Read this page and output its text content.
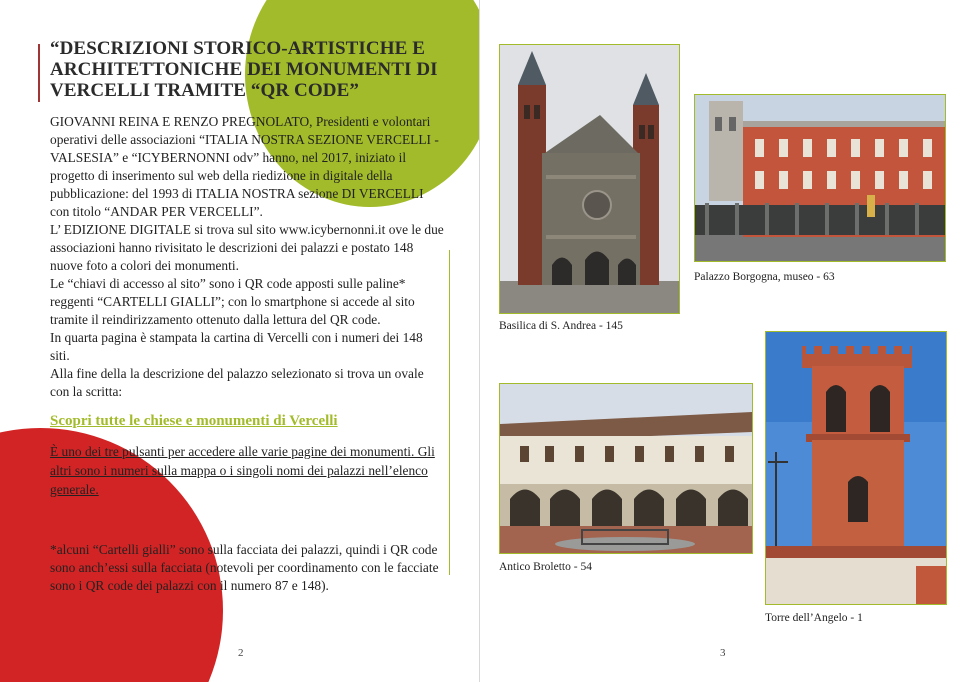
“DESCRIZIONI STORICO-ARTISTICHE E ARCHITETTONICHE DEI MONUMENTI DI VERCELLI TRAMITE “QR CODE”

GIOVANNI REINA E RENZO PREGNOLATO, Presidenti e volontari operativi delle associazioni “ITALIA NOSTRA SEZIONE VERCELLI - VALSESIA” e “ICYBERNONNI odv” hanno, nel 2017, iniziato il progetto di inserimento sul web della riedizione in digitale della pubblicazione: del 1993 di ITALIA NOSTRA sezione DI VERCELLI con titolo “ANDAR PER VERCELLI”.

L’ EDIZIONE DIGITALE si trova sul sito www.icybernonni.it ove le due associazioni hanno rivisitato le descrizioni dei palazzi e postato 148 nuove foto a colori dei monumenti.

Le “chiavi di accesso al sito” sono i QR code apposti sulle paline* reggenti “CARTELLI GIALLI”; con lo smartphone si accede al sito tramite il reindirizzamento ottenuto dalla lettura del QR code.

In quarta pagina è stampata la cartina di Vercelli con i numeri dei 148 siti.

Alla fine della la descrizione del palazzo selezionato si trova un ovale con la scritta:

Scopri tutte le chiese e monumenti di Vercelli

È uno dei tre pulsanti per accedere alle varie pagine dei monumenti. Gli altri sono i numeri sulla mappa o i singoli nomi dei palazzi nell’elenco generale.

*alcuni “Cartelli gialli” sono sulla facciata dei palazzi, quindi i QR code sono anch’essi sulla facciata (notevoli per coordinamento con le facciate sono i QR code dei palazzi con il numero 87 e 148).

2
Basilica di S. Andrea - 145
Palazzo Borgogna, museo - 63
Antico Broletto - 54
Torre dell’Angelo - 1
3
